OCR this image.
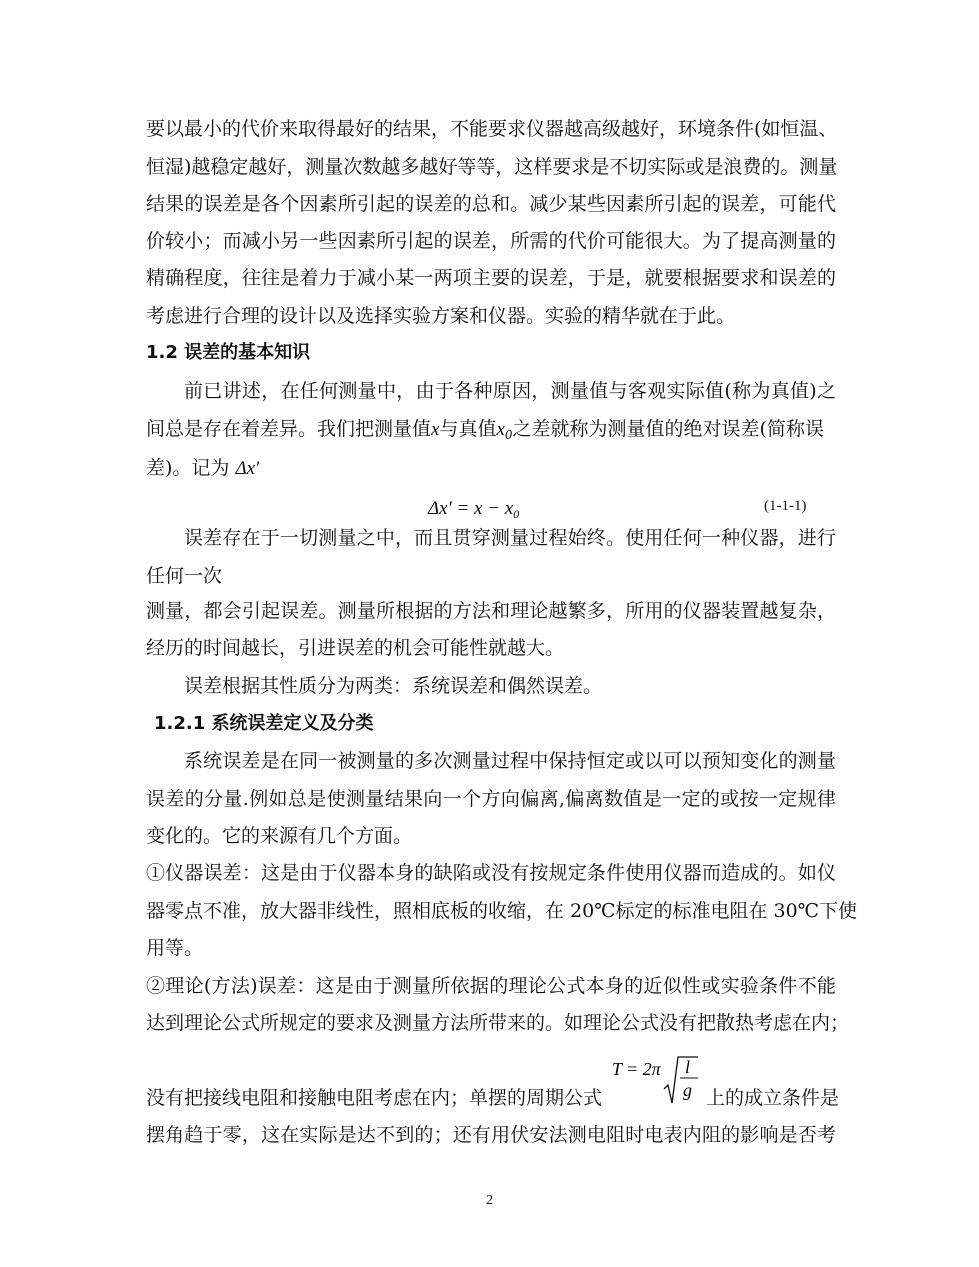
要以最小的代价来取得最好的结果，不能要求仪器越高级越好，环境条件(如恒温、
恒湿)越稳定越好，测量次数越多越好等等，这样要求是不切实际或是浪费的。测量
结果的误差是各个因素所引起的误差的总和。减少某些因素所引起的误差，可能代
价较小；而减小另一些因素所引起的误差，所需的代价可能很大。为了提高测量的
精确程度，往往是着力于减小某一两项主要的误差，于是，就要根据要求和误差的
考虑进行合理的设计以及选择实验方案和仪器。实验的精华就在于此。
1.2 误差的基本知识
前已讲述，在任何测量中，由于各种原因，测量值与客观实际值(称为真值)之
间总是存在着差异。我们把测量值x与真值$x_0$之差就称为测量值的绝对误差(简称误
差)。记为 Δx′
$\Delta x' = x - x_0$	(1-1-1)
误差存在于一切测量之中，而且贯穿测量过程始终。使用任何一种仪器，进行
任何一次
测量，都会引起误差。测量所根据的方法和理论越繁多，所用的仪器装置越复杂，
经历的时间越长，引进误差的机会可能性就越大。
误差根据其性质分为两类：系统误差和偶然误差。
1.2.1 系统误差定义及分类
系统误差是在同一被测量的多次测量过程中保持恒定或以可以预知变化的测量
误差的分量.例如总是使测量结果向一个方向偏离,偏离数值是一定的或按一定规律
变化的。它的来源有几个方面。
①仪器误差：这是由于仪器本身的缺陷或没有按规定条件使用仪器而造成的。如仪
器零点不准，放大器非线性，照相底板的收缩，在 20℃标定的标准电阻在 30℃下使
用等。
②理论(方法)误差：这是由于测量所依据的理论公式本身的近似性或实验条件不能
达到理论公式所规定的要求及测量方法所带来的。如理论公式没有把散热考虑在内；
没有把接线电阻和接触电阻考虑在内；单摆的周期公式	上的成立条件是
摆角趋于零，这在实际是达不到的；还有用伏安法测电阻时电表内阻的影响是否考
T = 2π l
g
2
